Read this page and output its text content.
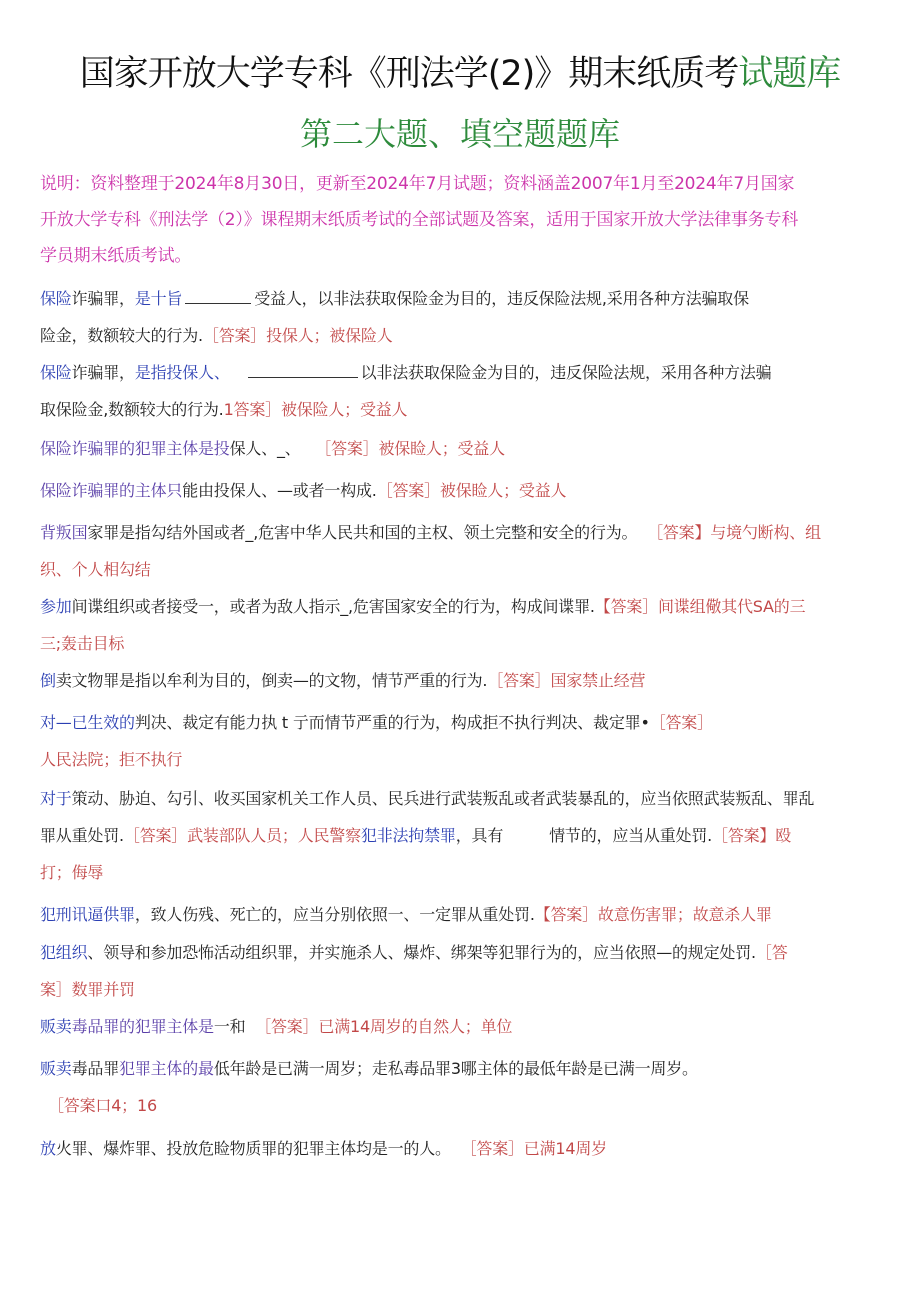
国家开放大学专科《刑法学(2)》期末纸质考试题库
第二大题、填空题题库
说明：资料整理于2024年8月30日，更新至2024年7月试题；资料涵盖2007年1月至2024年7月国家
开放大学专科《刑法学（2）》课程期末纸质考试的全部试题及答案，适用于国家开放大学法律事务专科
学员期末纸质考试。
保险诈骗罪，是十旨	受益人，以非法获取保险金为目的，违反保险法规,采用各种方法骗取保
险金，数额较大的行为.［答案］投保人；被保险人
保险诈骗罪，是指投保人、	以非法获取保险金为目的，违反保险法规，采用各种方法骗
取保险金,数额较大的行为.1答案］被保险人；受益人
保险诈骗罪的犯罪主体是投保人、_、 ［答案］被保睑人；受益人
保险诈骗罪的主体只能由投保人、—或者一构成.［答案］被保睑人；受益人
背叛国家罪是指勾结外国或者_,危害中华人民共和国的主权、领土完整和安全的行为。 ［答案】与境勺断构、组
织、个人相勾结
参加间谍组织或者接受一，或者为敌人指示_,危害国家安全的行为，构成间谍罪.【答案］间谍组儆其代SA的三
三;轰击目标
倒卖文物罪是指以牟利为目的，倒卖—的文物，情节严重的行为.［答案］国家禁止经营
对—已生效的判决、裁定有能力执 t 亍而情节严重的行为，构成拒不执行判决、裁定罪•［答案］
人民法院；拒不执行
对于策动、胁迫、勾引、收买国家机关工作人员、民兵进行武装叛乱或者武装暴乱的，应当依照武装叛乱、罪乱
罪从重处罚.［答案］武装部队人员；人民警察犯非法拘禁罪，具有	情节的，应当从重处罚.［答案】殴
打；侮辱
犯刑讯逼供罪，致人伤残、死亡的，应当分别依照一、一定罪从重处罚.【答案］故意伤害罪；故意杀人罪
犯组织、领导和参加恐怖活动组织罪，并实施杀人、爆炸、绑架等犯罪行为的，应当依照—的规定处罚.［答
案］数罪并罚
贩卖毒品罪的犯罪主体是一和 ［答案］已满14周岁的自然人；单位
贩卖毒品罪犯罪主体的最低年龄是已满一周岁；走私毒品罪3哪主体的最低年龄是已满一周岁。
［答案口4；16
放火罪、爆炸罪、投放危睑物质罪的犯罪主体均是一的人。 ［答案］已满14周岁
